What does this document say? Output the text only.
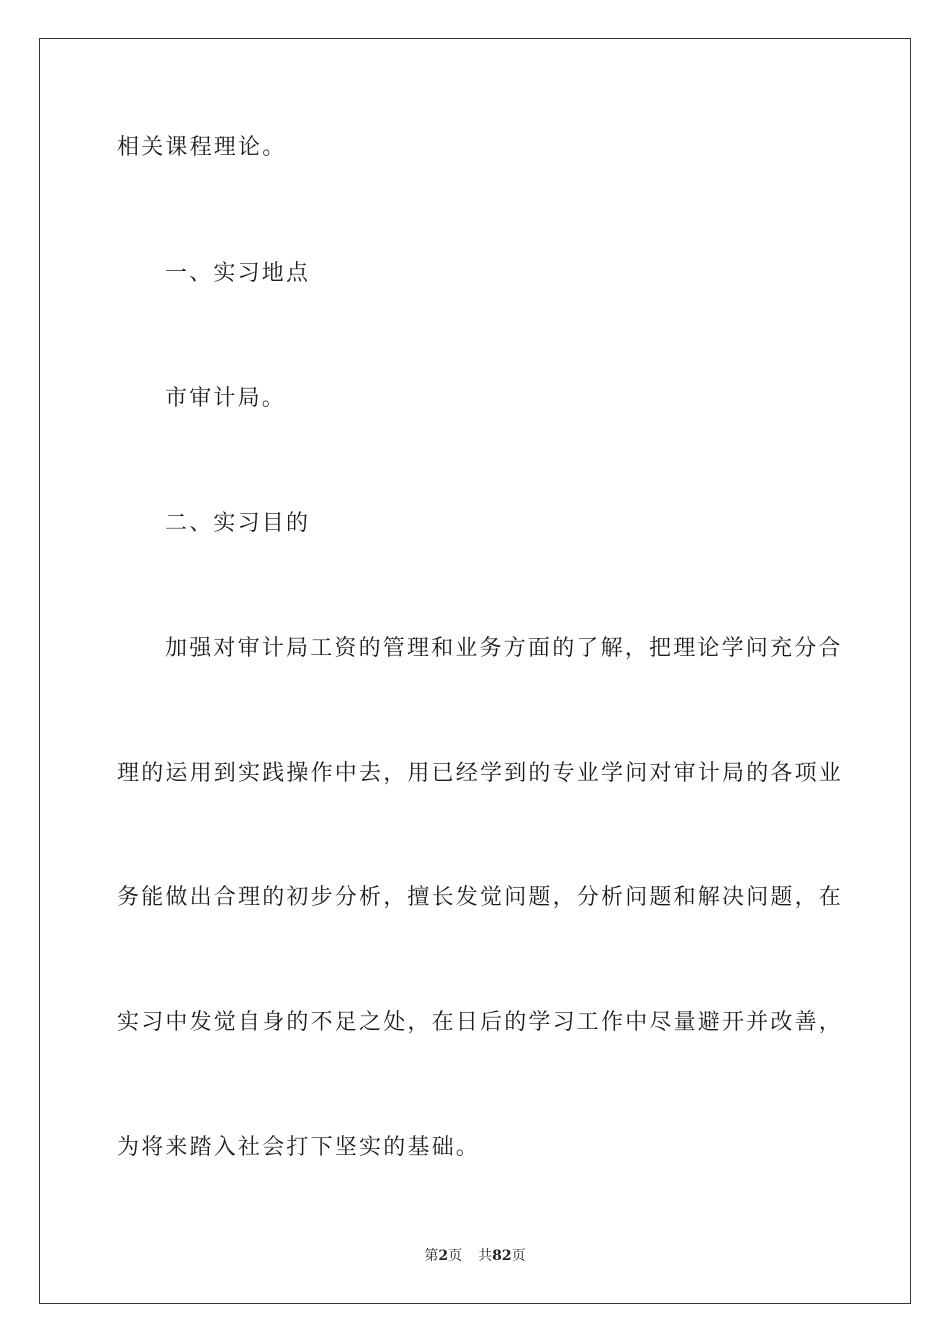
相关课程理论。
一、实习地点
市审计局。
二、实习目的
加强对审计局工资的管理和业务方面的了解，把理论学问充分合
理的运用到实践操作中去，用已经学到的专业学问对审计局的各项业
务能做出合理的初步分析，擅长发觉问题，分析问题和解决问题，在
实习中发觉自身的不足之处，在日后的学习工作中尽量避开并改善，
为将来踏入社会打下坚实的基础。
第2页 共82页
